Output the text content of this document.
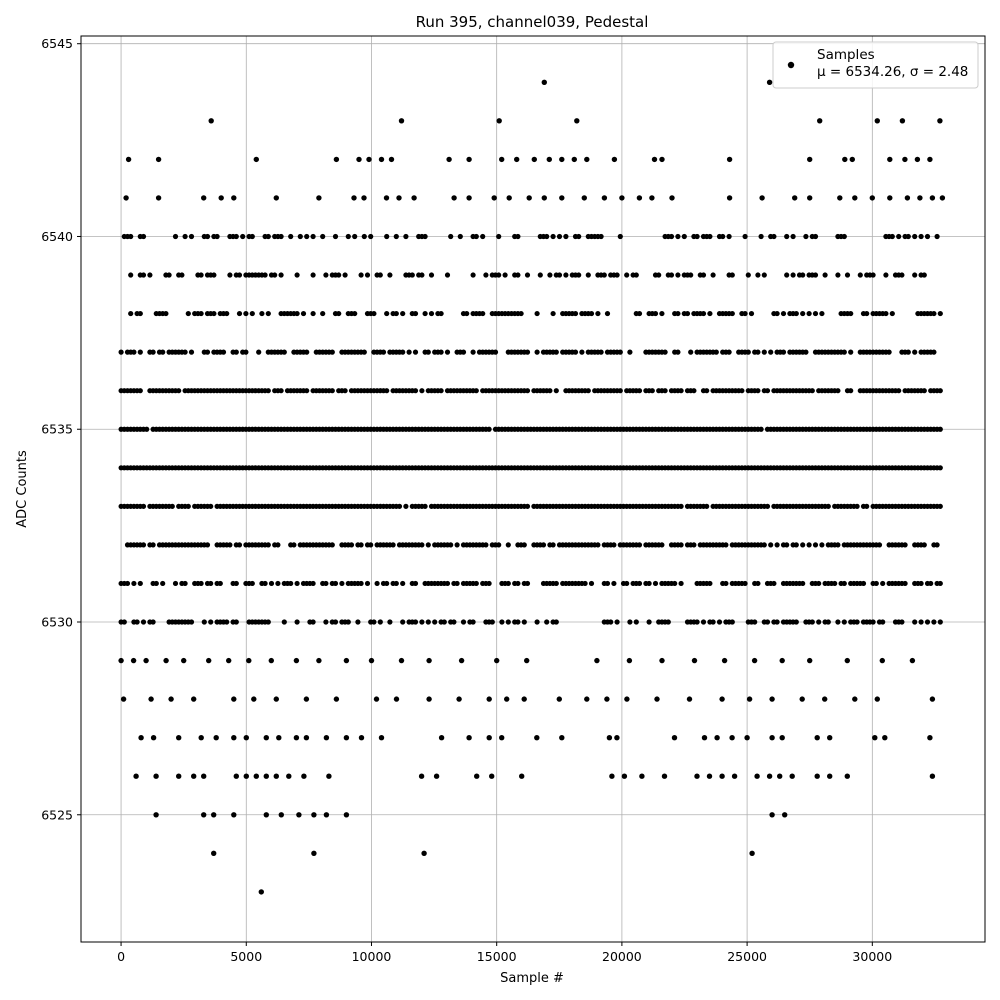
Run 395, channel039, Pedestal
0	5000	10000	15000	20000	25000	30000
6525
6530
6535
6540
6545
Sample #
ADC Counts
Samples
μ = 6534.26, σ = 2.48
